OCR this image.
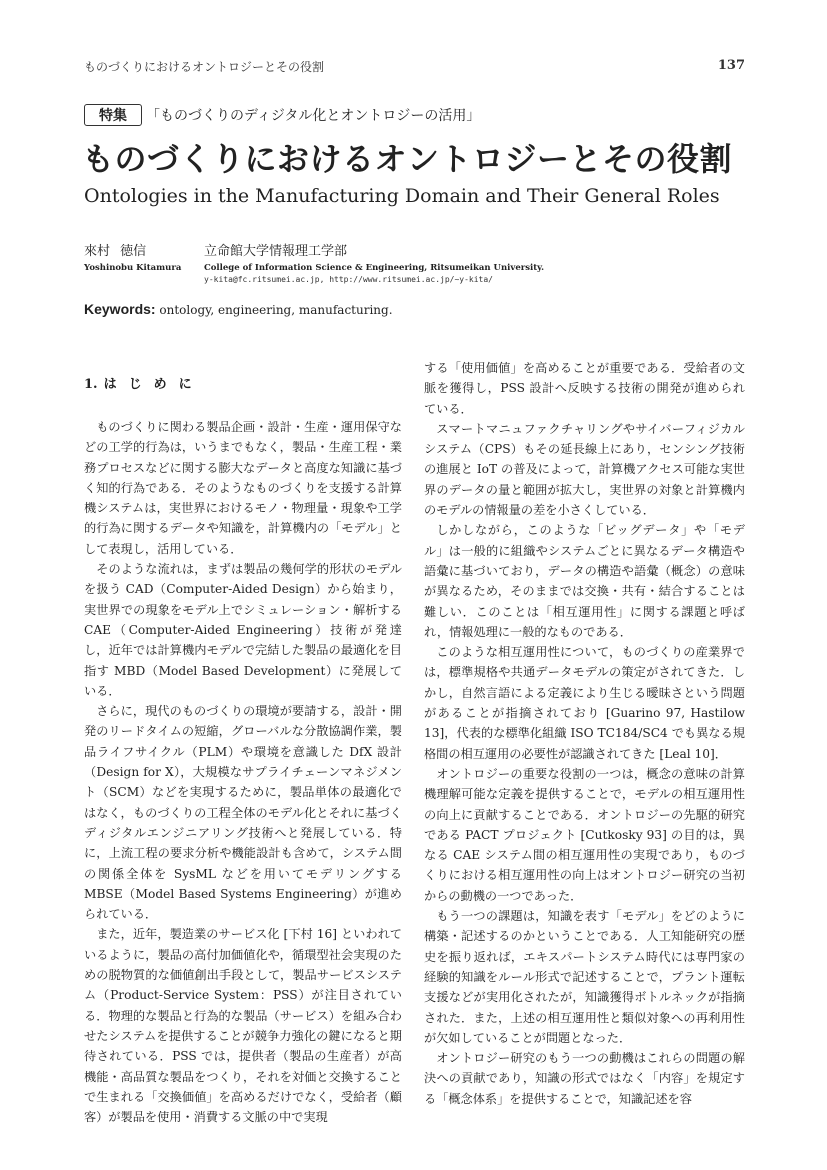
ものづくりにおけるオントロジーとその役割	137
特集 「ものづくりのディジタル化とオントロジーの活用」
ものづくりにおけるオントロジーとその役割
Ontologies in the Manufacturing Domain and Their General Roles
來村 徳信
Yoshinobu Kitamura
立命館大学情報理工学部
College of Information Science & Engineering, Ritsumeikan University.
y-kita@fc.ritsumei.ac.jp, http://www.ritsumei.ac.jp/~y-kita/
Keywords: ontology, engineering, manufacturing.
1. はじめに

ものづくりに関わる製品企画・設計・生産・運用保守などの工学的行為は，いうまでもなく，製品・生産工程・業務プロセスなどに関する膨大なデータと高度な知識に基づく知的行為である．そのようなものづくりを支援する計算機システムは，実世界におけるモノ・物理量・現象や工学的行為に関するデータや知識を，計算機内の「モデル」として表現し，活用している．

そのような流れは，まずは製品の幾何学的形状のモデルを扱う CAD（Computer-Aided Design）から始まり，実世界での現象をモデル上でシミュレーション・解析する CAE（Computer-Aided Engineering）技術が発達し，近年では計算機内モデルで完結した製品の最適化を目指す MBD（Model Based Development）に発展している．

さらに，現代のものづくりの環境が要請する，設計・開発のリードタイムの短縮，グローバルな分散協調作業，製品ライフサイクル（PLM）や環境を意識した DfX 設計（Design for X），大規模なサプライチェーンマネジメント（SCM）などを実現するために，製品単体の最適化ではなく，ものづくりの工程全体のモデル化とそれに基づくディジタルエンジニアリング技術へと発展している．特に，上流工程の要求分析や機能設計も含めて，システム間の関係全体を SysML などを用いてモデリングする MBSE（Model Based Systems Engineering）が進められている．

また，近年，製造業のサービス化 [下村 16] といわれているように，製品の高付加価値化や，循環型社会実現のための脱物質的な価値創出手段として，製品サービスシステム（Product-Service System：PSS）が注目されている．物理的な製品と行為的な製品（サービス）を組み合わせたシステムを提供することが競争力強化の鍵になると期待されている．PSS では，提供者（製品の生産者）が高機能・高品質な製品をつくり，それを対価と交換することで生まれる「交換価値」を高めるだけでなく，受給者（顧客）が製品を使用・消費する文脈の中で実現

する「使用価値」を高めることが重要である．受給者の文脈を獲得し，PSS 設計へ反映する技術の開発が進められている．

スマートマニュファクチャリングやサイバーフィジカルシステム（CPS）もその延長線上にあり，センシング技術の進展と IoT の普及によって，計算機アクセス可能な実世界のデータの量と範囲が拡大し，実世界の対象と計算機内のモデルの情報量の差を小さくしている．

しかしながら，このような「ビッグデータ」や「モデル」は一般的に組織やシステムごとに異なるデータ構造や語彙に基づいており，データの構造や語彙（概念）の意味が異なるため，そのままでは交換・共有・結合することは難しい．このことは「相互運用性」に関する課題と呼ばれ，情報処理に一般的なものである．

このような相互運用性について，ものづくりの産業界では，標準規格や共通データモデルの策定がされてきた．しかし，自然言語による定義により生じる曖昧さという問題があることが指摘されており [Guarino 97, Hastilow 13]，代表的な標準化組織 ISO TC184/SC4 でも異なる規格間の相互運用の必要性が認識されてきた [Leal 10]．

オントロジーの重要な役割の一つは，概念の意味の計算機理解可能な定義を提供することで，モデルの相互運用性の向上に貢献することである．オントロジーの先駆的研究である PACT プロジェクト [Cutkosky 93] の目的は，異なる CAE システム間の相互運用性の実現であり，ものづくりにおける相互運用性の向上はオントロジー研究の当初からの動機の一つであった．

もう一つの課題は，知識を表す「モデル」をどのように構築・記述するのかということである．人工知能研究の歴史を振り返れば，エキスパートシステム時代には専門家の経験的知識をルール形式で記述することで，プラント運転支援などが実用化されたが，知識獲得ボトルネックが指摘された．また，上述の相互運用性と類似対象への再利用性が欠如していることが問題となった．

オントロジー研究のもう一つの動機はこれらの問題の解決への貢献であり，知識の形式ではなく「内容」を規定する「概念体系」を提供することで，知識記述を容
